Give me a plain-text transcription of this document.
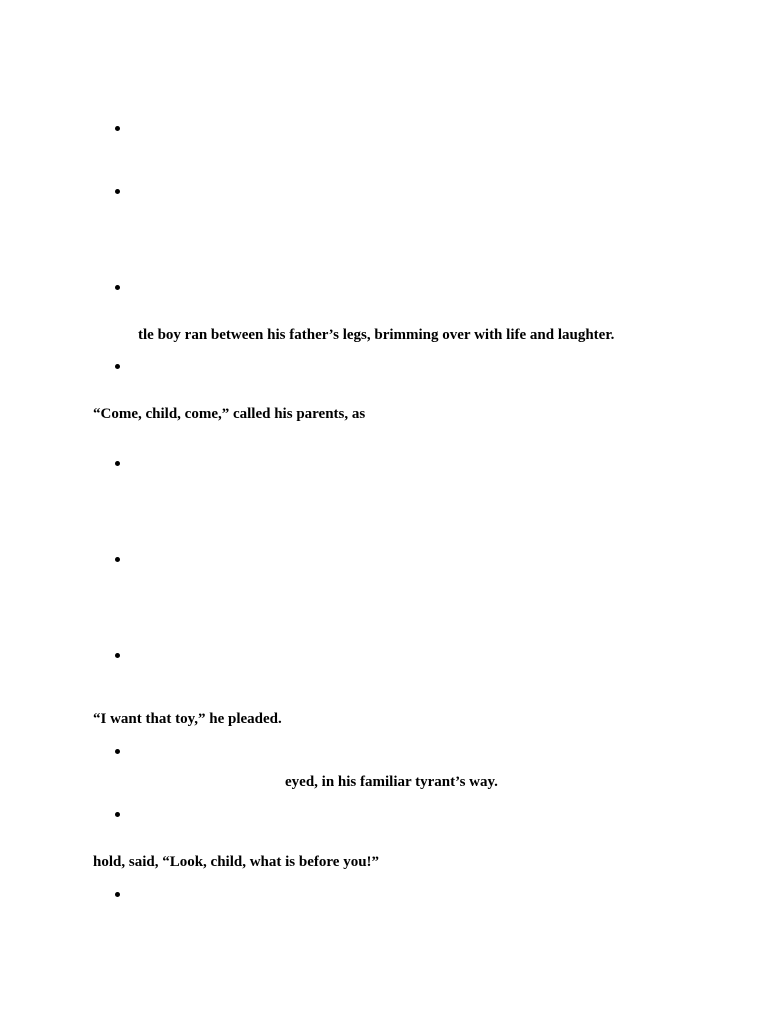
tle boy ran between his father’s legs, brimming over with life and laughter.
“Come, child, come,” called his parents, as
“I want that toy,” he pleaded.
eyed, in his familiar tyrant’s way.
hold, said, “Look, child, what is before you!”
